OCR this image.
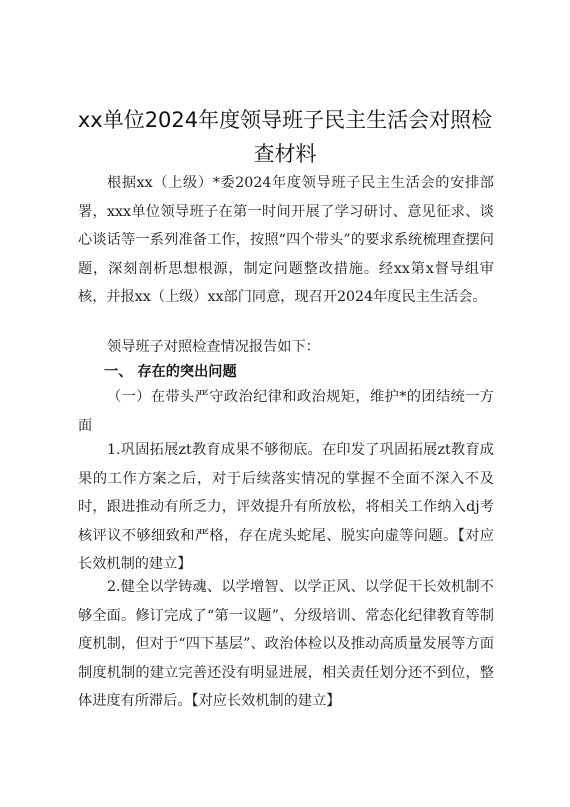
xx单位2024年度领导班子民主生活会对照检
查材料

根据xx（上级）*委2024年度领导班子民主生活会的安排部署，xxx单位领导班子在第一时间开展了学习研讨、意见征求、谈心谈话等一系列准备工作，按照“四个带头”的要求系统梳理查摆问题，深刻剖析思想根源，制定问题整改措施。经xx第x督导组审核，并报xx（上级）xx部门同意，现召开2024年度民主生活会。

领导班子对照检查情况报告如下：

一、 存在的突出问题

（一）在带头严守政治纪律和政治规矩，维护*的团结统一方面

1.巩固拓展zt教育成果不够彻底。在印发了巩固拓展zt教育成果的工作方案之后，对于后续落实情况的掌握不全面不深入不及时，跟进推动有所乏力，评效提升有所放松，将相关工作纳入dj考核评议不够细致和严格，存在虎头蛇尾、脱实向虚等问题。【对应长效机制的建立】

2.健全以学铸魂、以学增智、以学正风、以学促干长效机制不够全面。修订完成了“第一议题”、分级培训、常态化纪律教育等制度机制，但对于“四下基层”、政治体检以及推动高质量发展等方面制度机制的建立完善还没有明显进展，相关责任划分还不到位，整体进度有所滞后。【对应长效机制的建立】
